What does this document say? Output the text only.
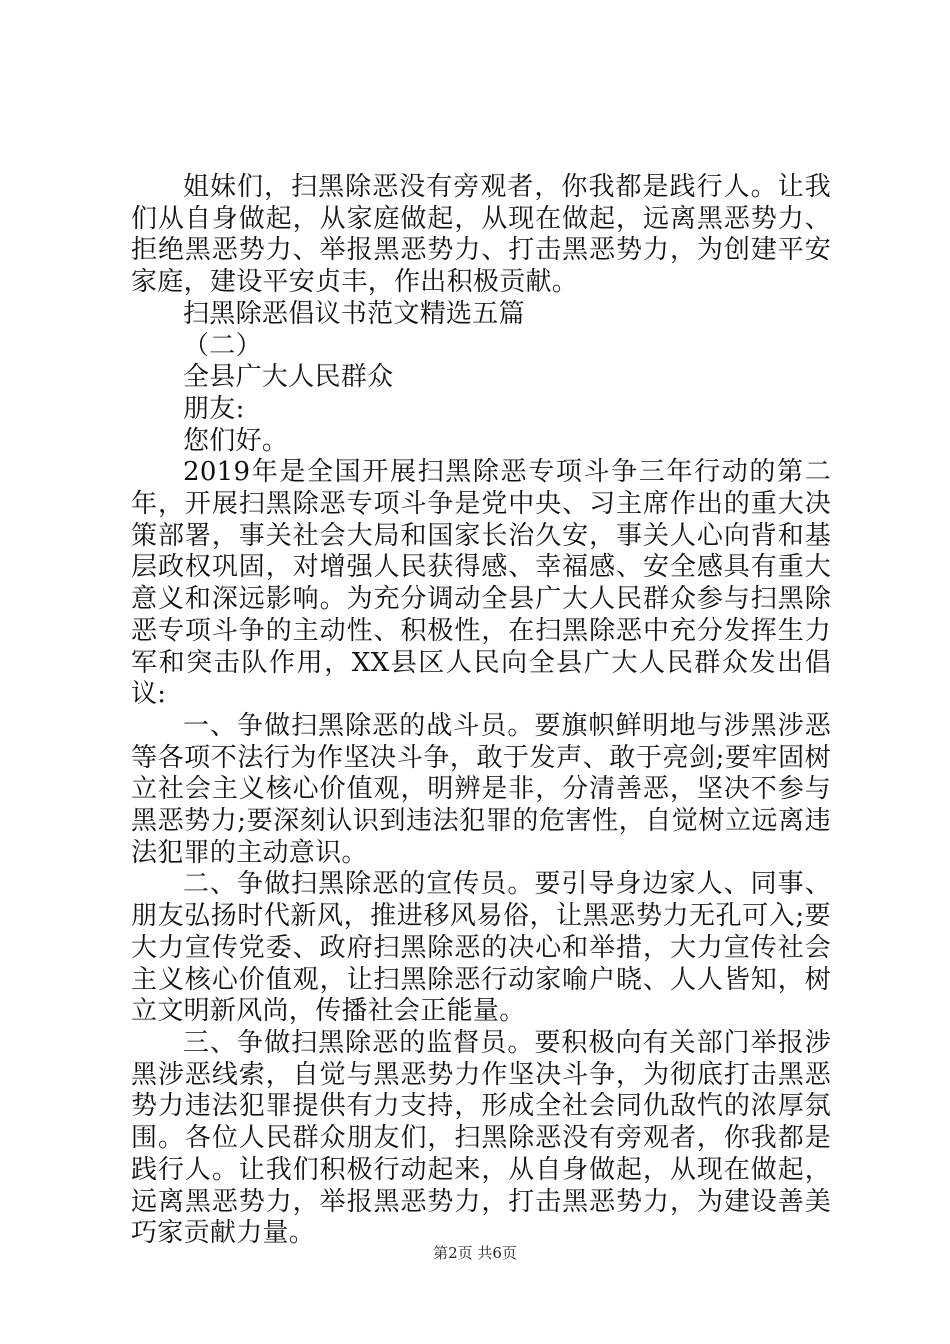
姐妹们，扫黑除恶没有旁观者，你我都是践行人。让我们从自身做起，从家庭做起，从现在做起，远离黑恶势力、拒绝黑恶势力、举报黑恶势力、打击黑恶势力，为创建平安家庭，建设平安贞丰，作出积极贡献。

扫黑除恶倡议书范文精选五篇

（二）

全县广大人民群众

朋友:

您们好。

2019年是全国开展扫黑除恶专项斗争三年行动的第二年，开展扫黑除恶专项斗争是党中央、习主席作出的重大决策部署，事关社会大局和国家长治久安，事关人心向背和基层政权巩固，对增强人民获得感、幸福感、安全感具有重大意义和深远影响。为充分调动全县广大人民群众参与扫黑除恶专项斗争的主动性、积极性，在扫黑除恶中充分发挥生力军和突击队作用，XX县区人民向全县广大人民群众发出倡议:

一、争做扫黑除恶的战斗员。要旗帜鲜明地与涉黑涉恶等各项不法行为作坚决斗争，敢于发声、敢于亮剑;要牢固树立社会主义核心价值观，明辨是非，分清善恶，坚决不参与黑恶势力;要深刻认识到违法犯罪的危害性，自觉树立远离违法犯罪的主动意识。

二、争做扫黑除恶的宣传员。要引导身边家人、同事、朋友弘扬时代新风，推进移风易俗，让黑恶势力无孔可入;要大力宣传党委、政府扫黑除恶的决心和举措，大力宣传社会主义核心价值观，让扫黑除恶行动家喻户晓、人人皆知，树立文明新风尚，传播社会正能量。

三、争做扫黑除恶的监督员。要积极向有关部门举报涉黑涉恶线索，自觉与黑恶势力作坚决斗争，为彻底打击黑恶势力违法犯罪提供有力支持，形成全社会同仇敌忾的浓厚氛围。各位人民群众朋友们，扫黑除恶没有旁观者，你我都是践行人。让我们积极行动起来，从自身做起，从现在做起，远离黑恶势力，举报黑恶势力，打击黑恶势力，为建设善美巧家贡献力量。

第2页 共6页
